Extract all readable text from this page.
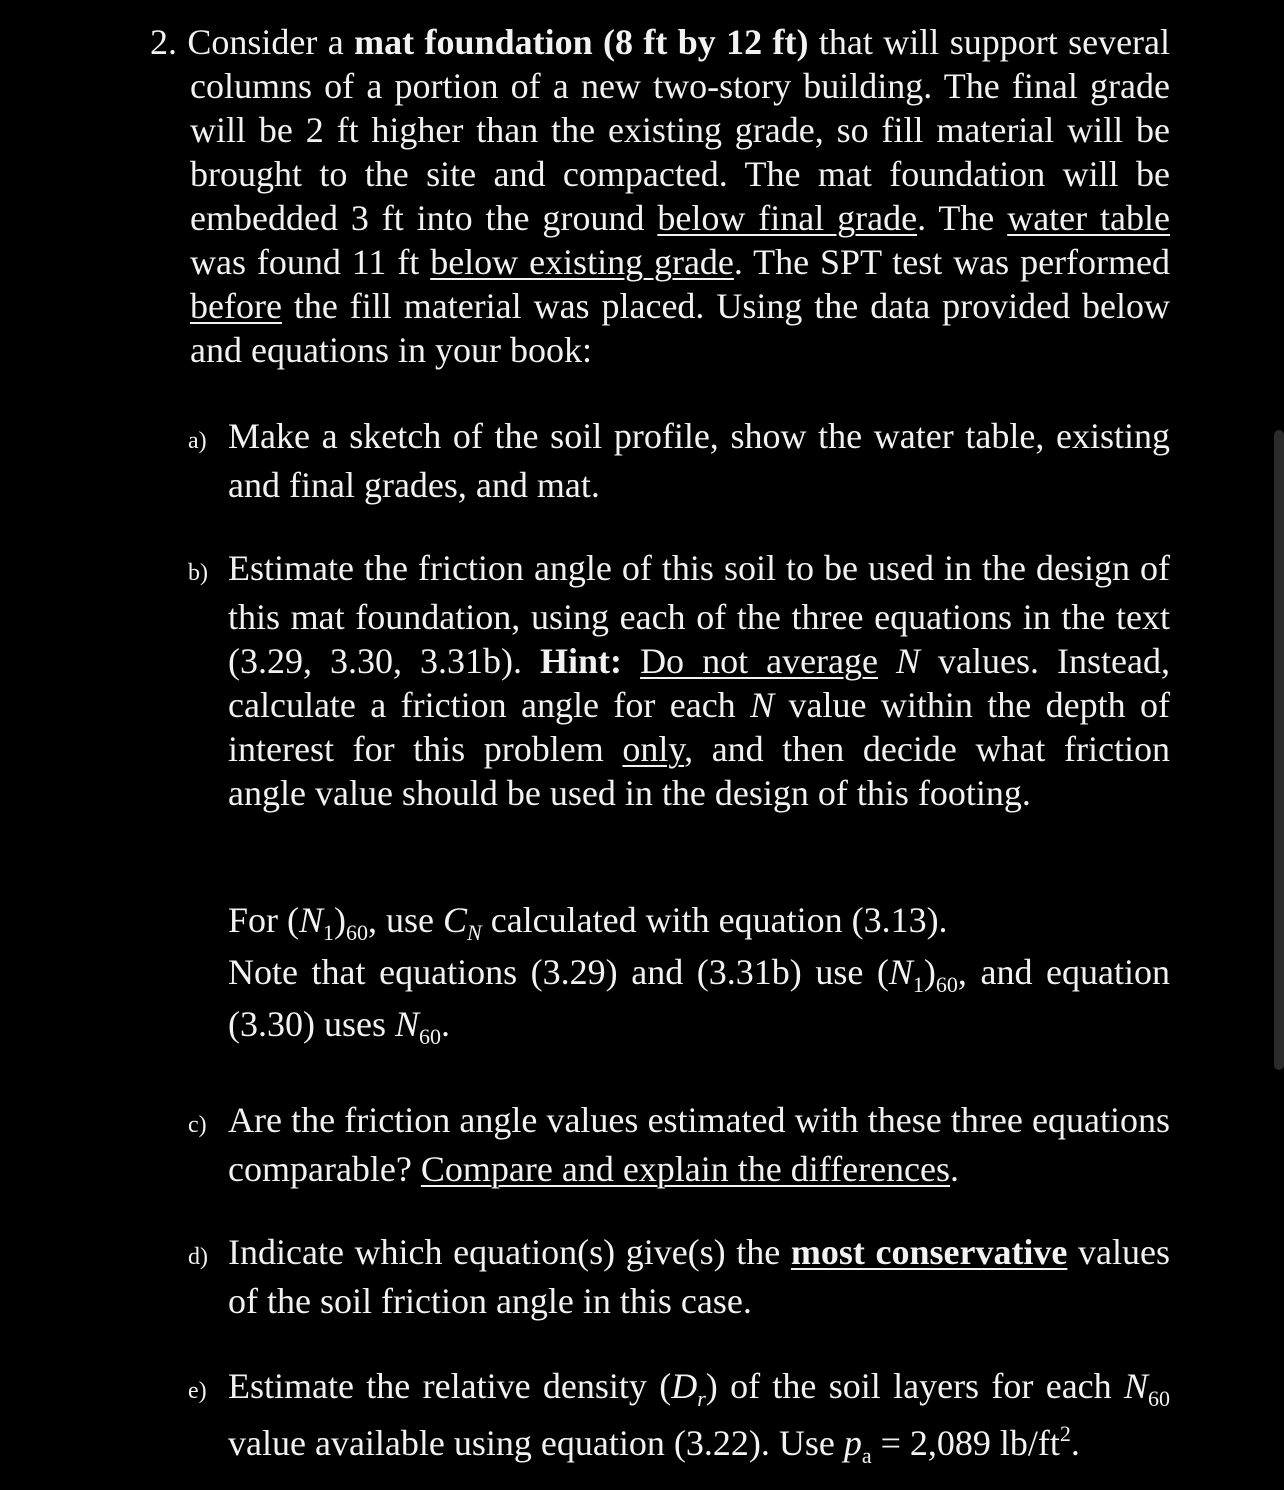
2. Consider a mat foundation (8 ft by 12 ft) that will support several columns of a portion of a new two-story building. The final grade will be 2 ft higher than the existing grade, so fill material will be brought to the site and compacted. The mat foundation will be embedded 3 ft into the ground below final grade. The water table was found 11 ft below existing grade. The SPT test was performed before the fill material was placed. Using the data provided below and equations in your book:
a) Make a sketch of the soil profile, show the water table, existing and final grades, and mat.
b) Estimate the friction angle of this soil to be used in the design of this mat foundation, using each of the three equations in the text (3.29, 3.30, 3.31b). Hint: Do not average N values. Instead, calculate a friction angle for each N value within the depth of interest for this problem only, and then decide what friction angle value should be used in the design of this footing.
For $(N_1)_{60}$, use $C_N$ calculated with equation (3.13).
Note that equations (3.29) and (3.31b) use $(N_1)_{60}$, and equation (3.30) uses $N_{60}$.
c) Are the friction angle values estimated with these three equations comparable? Compare and explain the differences.
d) Indicate which equation(s) give(s) the most conservative values of the soil friction angle in this case.
e) Estimate the relative density $(D_r)$ of the soil layers for each $N_{60}$ value available using equation (3.22). Use $p_a = 2,089$ $lb/ft^2$.
